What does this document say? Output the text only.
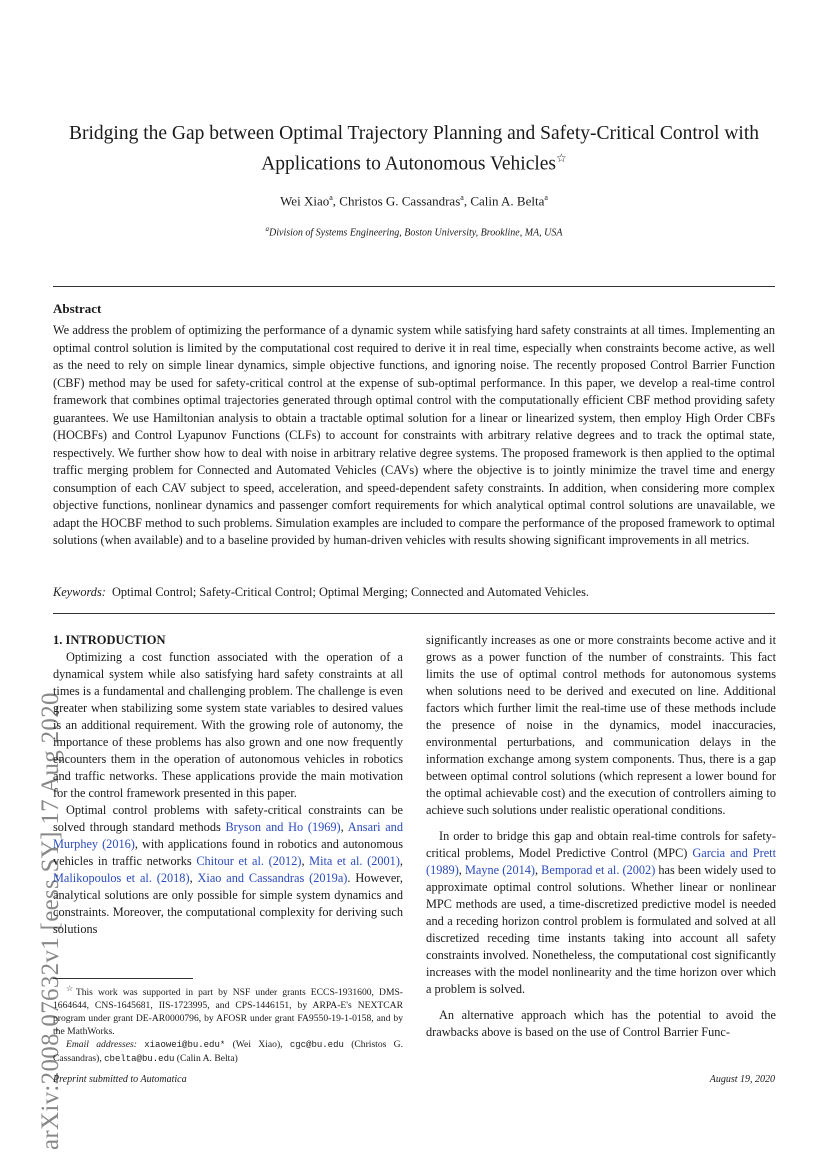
arXiv:2008.07632v1 [eess.SY] 17 Aug 2020
Bridging the Gap between Optimal Trajectory Planning and Safety-Critical Control with
Applications to Autonomous Vehicles☆
Wei Xiao$^a$, Christos G. Cassandras$^a$, Calin A. Belta$^a$
$^a$Division of Systems Engineering, Boston University, Brookline, MA, USA
Abstract

We address the problem of optimizing the performance of a dynamic system while satisfying hard safety constraints at all times. Implementing an optimal control solution is limited by the computational cost required to derive it in real time, especially when constraints become active, as well as the need to rely on simple linear dynamics, simple objective functions, and ignoring noise. The recently proposed Control Barrier Function (CBF) method may be used for safety-critical control at the expense of sub-optimal performance. In this paper, we develop a real-time control framework that combines optimal trajectories generated through optimal control with the computationally efficient CBF method providing safety guarantees. We use Hamiltonian analysis to obtain a tractable optimal solution for a linear or linearized system, then employ High Order CBFs (HOCBFs) and Control Lyapunov Functions (CLFs) to account for constraints with arbitrary relative degrees and to track the optimal state, respectively. We further show how to deal with noise in arbitrary relative degree systems. The proposed framework is then applied to the optimal traffic merging problem for Connected and Automated Vehicles (CAVs) where the objective is to jointly minimize the travel time and energy consumption of each CAV subject to speed, acceleration, and speed-dependent safety constraints. In addition, when considering more complex objective functions, nonlinear dynamics and passenger comfort requirements for which analytical optimal control solutions are unavailable, we adapt the HOCBF method to such problems. Simulation examples are included to compare the performance of the proposed framework to optimal solutions (when available) and to a baseline provided by human-driven vehicles with results showing significant improvements in all metrics.

Keywords: Optimal Control; Safety-Critical Control; Optimal Merging; Connected and Automated Vehicles.

1. INTRODUCTION

Optimizing a cost function associated with the operation of a dynamical system while also satisfying hard safety constraints at all times is a fundamental and challenging problem. The challenge is even greater when stabilizing some system state variables to desired values is an additional requirement. With the growing role of autonomy, the importance of these problems has also grown and one now frequently encounters them in the operation of autonomous vehicles in robotics and traffic networks. These applications provide the main motivation for the control framework presented in this paper.

Optimal control problems with safety-critical constraints can be solved through standard methods Bryson and Ho (1969), Ansari and Murphey (2016), with applications found in robotics and autonomous vehicles in traffic networks Chitour et al. (2012), Mita et al. (2001), Malikopoulos et al. (2018), Xiao and Cassandras (2019a). However, analytical solutions are only possible for simple system dynamics and constraints. Moreover, the computational complexity for deriving such solutions

significantly increases as one or more constraints become active and it grows as a power function of the number of constraints. This fact limits the use of optimal control methods for autonomous systems when solutions need to be derived and executed on line. Additional factors which further limit the real-time use of these methods include the presence of noise in the dynamics, model inaccuracies, environmental perturbations, and communication delays in the information exchange among system components. Thus, there is a gap between optimal control solutions (which represent a lower bound for the optimal achievable cost) and the execution of controllers aiming to achieve such solutions under realistic operational conditions.

In order to bridge this gap and obtain real-time controls for safety-critical problems, Model Predictive Control (MPC) Garcia and Prett (1989), Mayne (2014), Bemporad et al. (2002) has been widely used to approximate optimal control solutions. Whether linear or nonlinear MPC methods are used, a time-discretized predictive model is needed and a receding horizon control problem is formulated and solved at all discretized receding time instants taking into account all safety constraints involved. Nonetheless, the computational cost significantly increases with the model nonlinearity and the time horizon over which a problem is solved.

An alternative approach which has the potential to avoid the drawbacks above is based on the use of Control Barrier Func-

☆This work was supported in part by NSF under grants ECCS-1931600, DMS-1664644, CNS-1645681, IIS-1723995, and CPS-1446151, by ARPA-E's NEXTCAR program under grant DE-AR0000796, by AFOSR under grant FA9550-19-1-0158, and by the MathWorks.

Email addresses: xiaowei@bu.edu* (Wei Xiao), cgc@bu.edu (Christos G. Cassandras), cbelta@bu.edu (Calin A. Belta)

Preprint submitted to Automatica	August 19, 2020
